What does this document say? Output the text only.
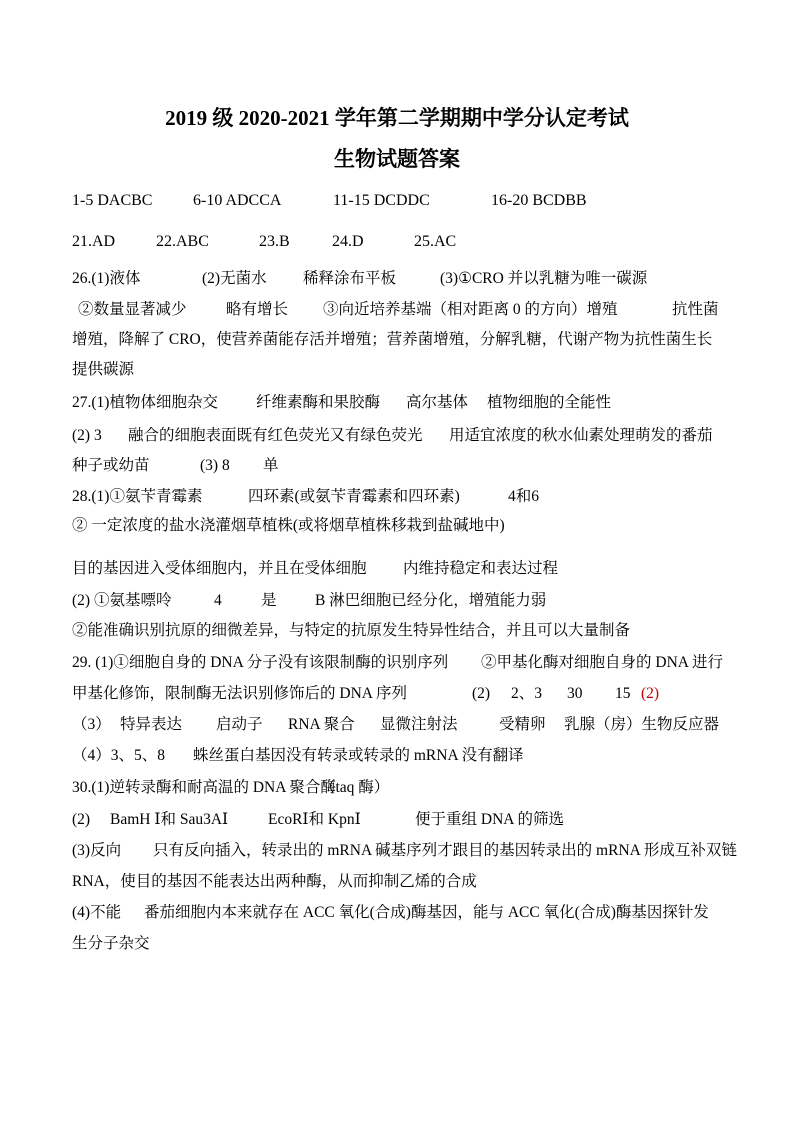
2019 级 2020-2021 学年第二学期期中学分认定考试
生物试题答案
1-5 DACBC	6-10 ADCCA	11-15 DCDDC	16-20 BCDBB
21.AD	22.ABC	23.B	24.D	25.AC
26.(1)液体	(2)无菌水 稀释涂布平板	(3)①CRO 并以乳糖为唯一碳源
②数量显著减少	略有增长 ③向近培养基端（相对距离 0 的方向）增殖	抗性菌
增殖，降解了 CRO，使营养菌能存活并增殖；营养菌增殖，分解乳糖，代谢产物为抗性菌生长
提供碳源
27.(1)植物体细胞杂交 纤维素酶和果胶酶 高尔基体 植物细胞的全能性
(2) 3 融合的细胞表面既有红色荧光又有绿色荧光 用适宜浓度的秋水仙素处理萌发的番茄
种子或幼苗	(3) 8 单
28.(1)①氨苄青霉素	四环素(或氨苄青霉素和四环素)	4和6
② 一定浓度的盐水浇灌烟草植株(或将烟草植株移栽到盐碱地中)
目的基因进入受体细胞内，并且在受体细胞 内维持稳定和表达过程
(2) ①氨基嘌呤	4	是 B 淋巴细胞已经分化，增殖能力弱
②能准确识别抗原的细微差异，与特定的抗原发生特异性结合，并且可以大量制备
29. (1)①细胞自身的 DNA 分子没有该限制酶的识别序列 ②甲基化酶对细胞自身的 DNA 进行
甲基化修饰，限制酶无法识别修饰后的 DNA 序列	(2) 2、3 30 15 (2)
（3） 特异表达 启动子 RNA 聚合 显微注射法	受精卵 乳腺（房）生物反应器
（4）3、5、8 蛛丝蛋白基因没有转录或转录的 mRNA 没有翻译
30.(1)逆转录酶和耐高温的 DNA 聚合酶
（taq 酶）
(2) BamH Ⅰ和 Sau3AⅠ	EcoRⅠ和 KpnⅠ	便于重组 DNA 的筛选
(3)反向 只有反向插入，转录出的 mRNA 碱基序列才跟目的基因转录出的 mRNA 形成互补双链
RNA，使目的基因不能表达出两种酶，从而抑制乙烯的合成
(4)不能 番茄细胞内本来就存在 ACC 氧化(合成)酶基因，能与 ACC 氧化(合成)酶基因探针发
生分子杂交
